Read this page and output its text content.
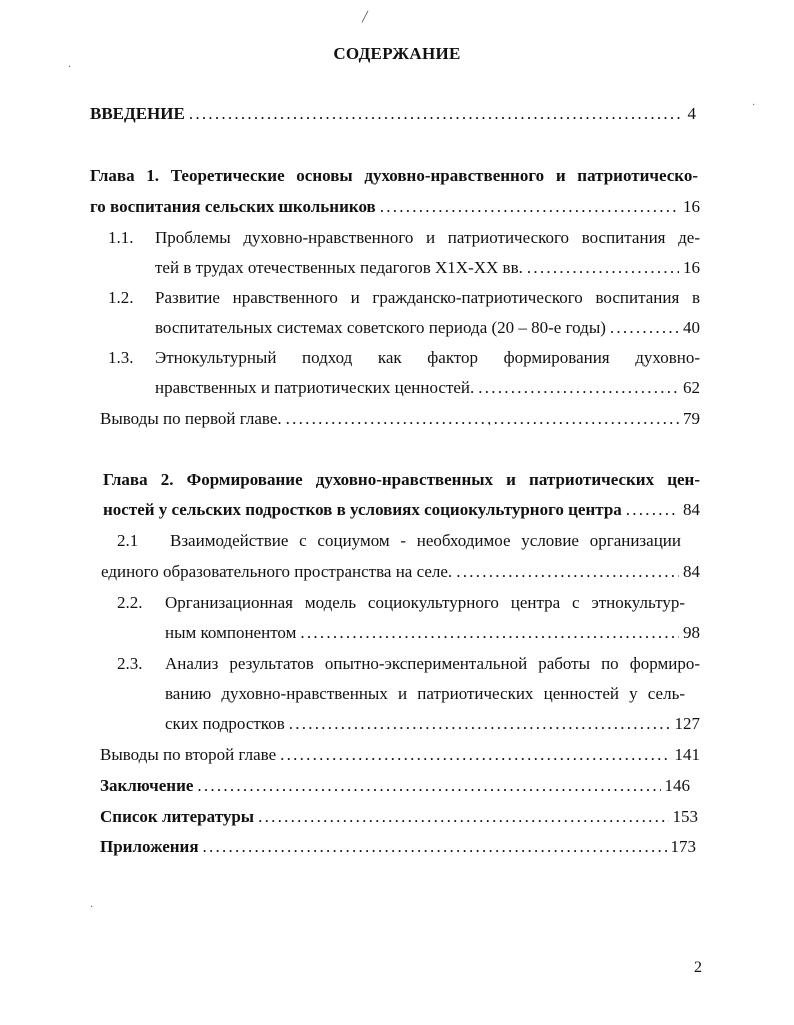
СОДЕРЖАНИЕ
ВВЕДЕНИЕ . . .	4
Глава 1. Теоретические основы духовно-нравственного и патриотическо-
го воспитания сельских школьников . . .	16
1.1. Проблемы духовно-нравственного и патриотического воспитания де-
тей в трудах отечественных педагогов X1X-XX вв. . . .	16
1.2. Развитие нравственного и гражданско-патриотического воспитания в
воспитательных системах советского периода (20 – 80-е годы) . . .	40
1.3. Этнокультурный подход как фактор формирования духовно-
нравственных и патриотических ценностей. . . .	62
Выводы по первой главе. . . .	79
Глава 2. Формирование духовно-нравственных и патриотических цен-
ностей у сельских подростков в условиях социокультурного центра . . .	84
2.1 Взаимодействие с социумом - необходимое условие организации
единого образовательного пространства на селе. . . .	84
2.2. Организационная модель социокультурного центра с этнокультур-
ным компонентом . . .	98
2.3. Анализ результатов опытно-экспериментальной работы по формиро-
ванию духовно-нравственных и патриотических ценностей у сель-
ских подростков . . .	127
Выводы по второй главе . . .	141
Заключение . . .	146
Список литературы . . .	153
Приложения . . .	173
2
╱
·
·
·
·
